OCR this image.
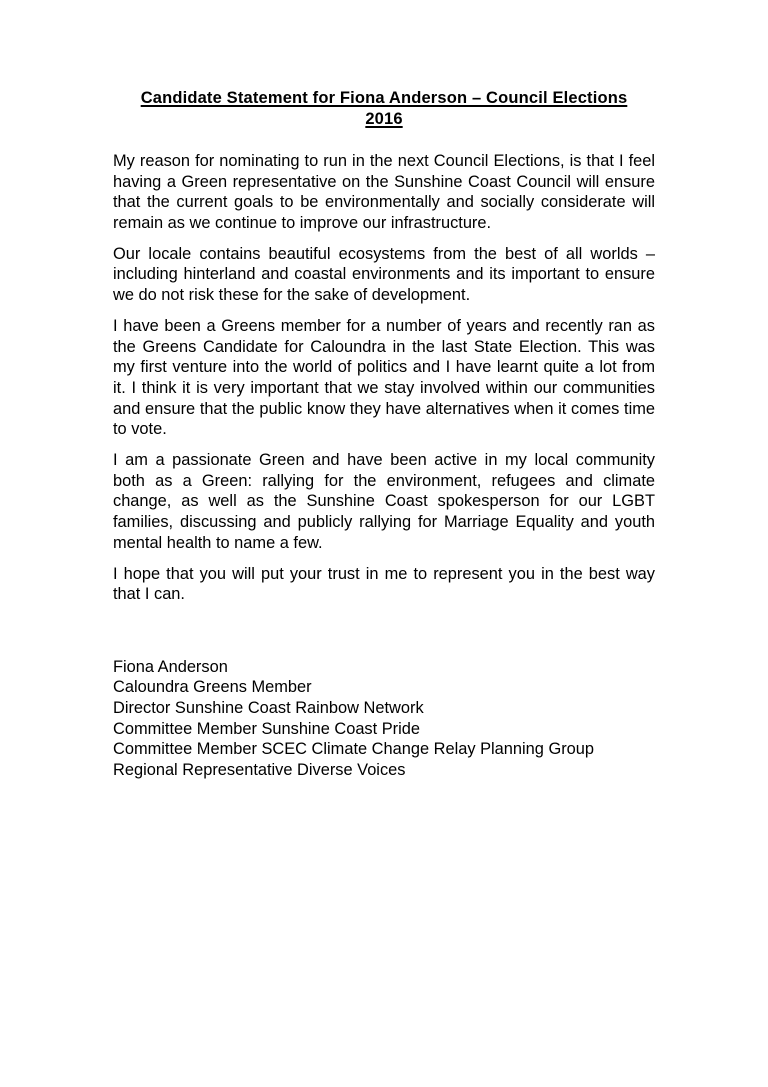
Candidate Statement for Fiona Anderson – Council Elections
2016

My reason for nominating to run in the next Council Elections, is that I feel having a Green representative on the Sunshine Coast Council will ensure that the current goals to be environmentally and socially considerate will remain as we continue to improve our infrastructure.

Our locale contains beautiful ecosystems from the best of all worlds – including hinterland and coastal environments and its important to ensure we do not risk these for the sake of development.

I have been a Greens member for a number of years and recently ran as the Greens Candidate for Caloundra in the last State Election. This was my first venture into the world of politics and I have learnt quite a lot from it. I think it is very important that we stay involved within our communities and ensure that the public know they have alternatives when it comes time to vote.

I am a passionate Green and have been active in my local community both as a Green: rallying for the environment, refugees and climate change, as well as the Sunshine Coast spokesperson for our LGBT families, discussing and publicly rallying for Marriage Equality and youth mental health to name a few.

I hope that you will put your trust in me to represent you in the best way that I can.

Fiona Anderson
Caloundra Greens Member
Director Sunshine Coast Rainbow Network
Committee Member Sunshine Coast Pride
Committee Member SCEC Climate Change Relay Planning Group
Regional Representative Diverse Voices
